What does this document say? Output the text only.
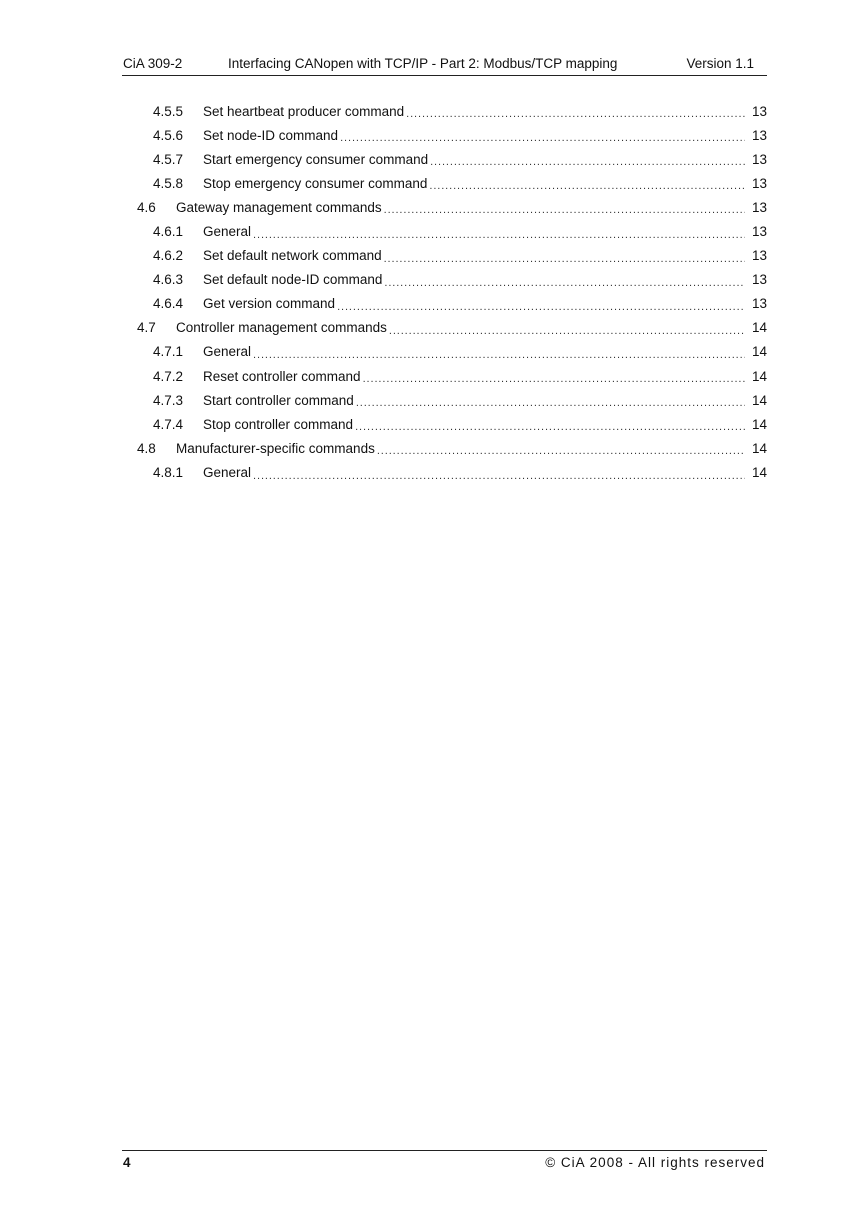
CiA 309-2	Interfacing CANopen with TCP/IP - Part 2: Modbus/TCP mapping	Version 1.1
4.5.5	Set heartbeat producer command .....	13
4.5.6	Set node-ID command .....	13
4.5.7	Start emergency consumer command .....	13
4.5.8	Stop emergency consumer command .....	13
4.6	Gateway management commands .....	13
4.6.1	General .....	13
4.6.2	Set default network command .....	13
4.6.3	Set default node-ID command .....	13
4.6.4	Get version command .....	13
4.7	Controller management commands .....	14
4.7.1	General .....	14
4.7.2	Reset controller command .....	14
4.7.3	Start controller command .....	14
4.7.4	Stop controller command .....	14
4.8	Manufacturer-specific commands .....	14
4.8.1	General .....	14
4	© CiA 2008 - All rights reserved
